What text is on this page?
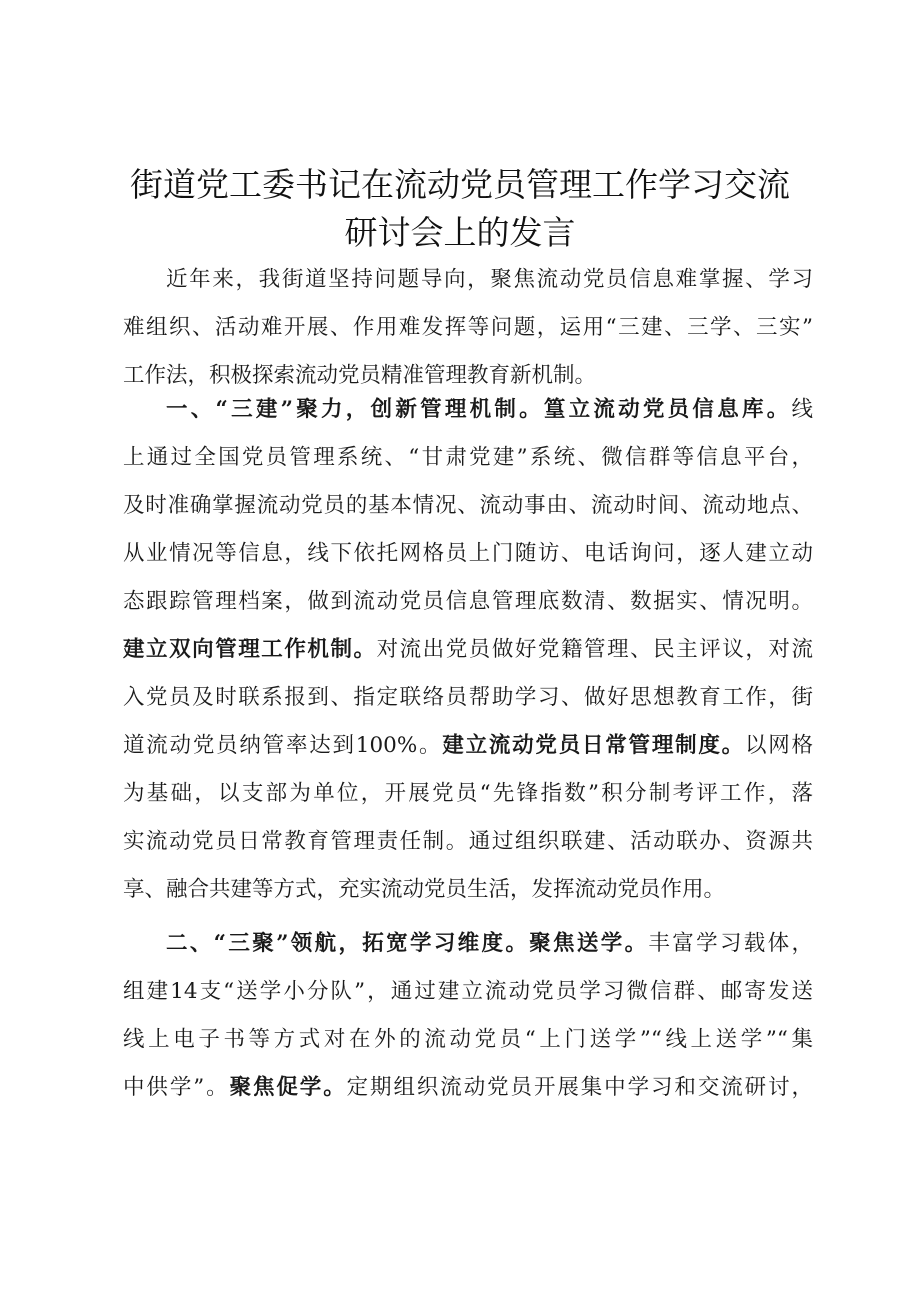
街道党工委书记在流动党员管理工作学习交流
研讨会上的发言
近年来，我街道坚持问题导向，聚焦流动党员信息难掌握、学习
难组织、活动难开展、作用难发挥等问题，运用“三建、三学、三实”
工作法，积极探索流动党员精准管理教育新机制。
一、“三建”聚力，创新管理机制。篁立流动党员信息库。线
上通过全国党员管理系统、“甘肃党建”系统、微信群等信息平台，
及时准确掌握流动党员的基本情况、流动事由、流动时间、流动地点、
从业情况等信息，线下依托网格员上门随访、电话询问，逐人建立动
态跟踪管理档案，做到流动党员信息管理底数清、数据实、情况明。
建立双向管理工作机制。对流出党员做好党籍管理、民主评议，对流
入党员及时联系报到、指定联络员帮助学习、做好思想教育工作，街
道流动党员纳管率达到100%。建立流动党员日常管理制度。以网格
为基础，以支部为单位，开展党员“先锋指数”积分制考评工作，落
实流动党员日常教育管理责任制。通过组织联建、活动联办、资源共
享、融合共建等方式，充实流动党员生活，发挥流动党员作用。
二、“三聚”领航，拓宽学习维度。聚焦送学。丰富学习载体，
组建14支“送学小分队”，通过建立流动党员学习微信群、邮寄发送
线上电子书等方式对在外的流动党员“上门送学”“线上送学”“集
中供学”。聚焦促学。定期组织流动党员开展集中学习和交流研讨，
